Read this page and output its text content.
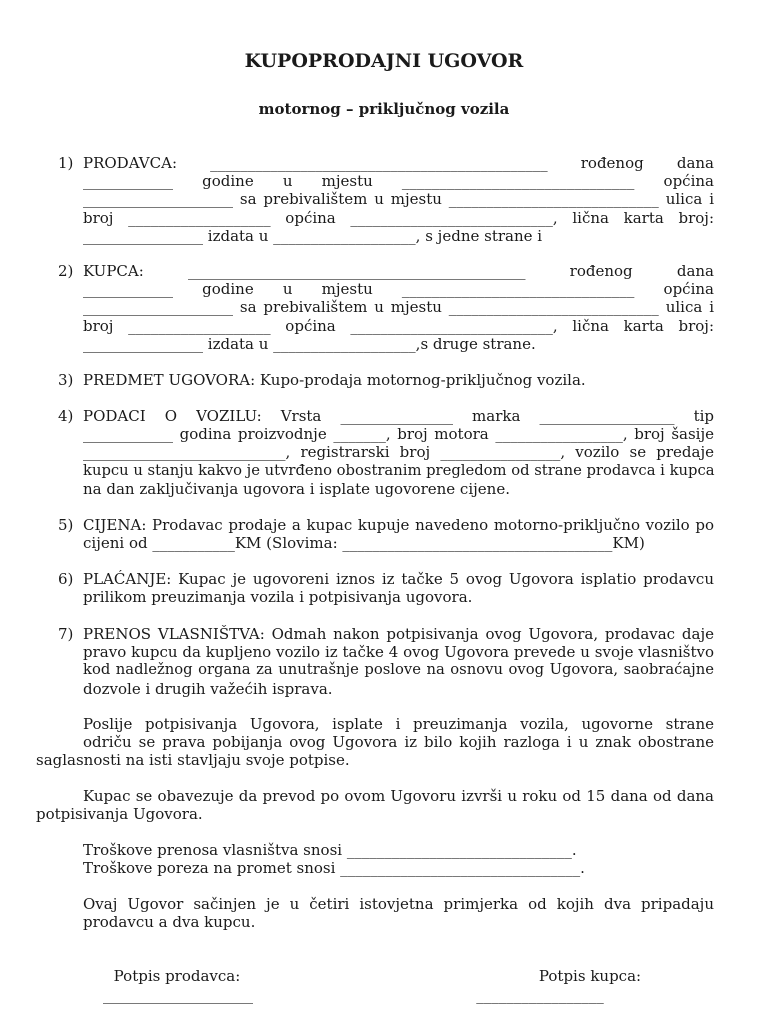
KUPOPRODAJNI UGOVOR
motornog – priključnog vozila
1) PRODAVCA: _____________________________________________ rođenog dana
____________ godine u mjestu _______________________________ općina
____________________ sa prebivalištem u mjestu ____________________________ ulica i
broj ___________________ općina ___________________________, lična karta broj:
________________ izdata u ___________________, s jedne strane i
2) KUPCA: _____________________________________________ rođenog dana
____________ godine u mjestu _______________________________ općina
____________________ sa prebivalištem u mjestu ____________________________ ulica i
broj ___________________ općina ___________________________, lična karta broj:
________________ izdata u ___________________,s druge strane.
3) PREDMET UGOVORA: Kupo-prodaja motornog-priključnog vozila.
4) PODACI O VOZILU: Vrsta _______________ marka __________________ tip
____________ godina proizvodnje _______, broj motora _________________, broj šasije
___________________________, registrarski broj ________________, vozilo se predaje
kupcu u stanju kakvo je utvrđeno obostranim pregledom od strane prodavca i kupca
na dan zaključivanja ugovora i isplate ugovorene cijene.
5) CIJENA: Prodavac prodaje a kupac kupuje navedeno motorno-priključno vozilo po
cijeni od ___________KM (Slovima: ____________________________________KM)
6) PLAĆANJE: Kupac je ugovoreni iznos iz tačke 5 ovog Ugovora isplatio prodavcu
prilikom preuzimanja vozila i potpisivanja ugovora.
7) PRENOS VLASNIŠTVA: Odmah nakon potpisivanja ovog Ugovora, prodavac daje
pravo kupcu da kupljeno vozilo iz tačke 4 ovog Ugovora prevede u svoje vlasništvo
kod nadležnog organa za unutrašnje poslove na osnovu ovog Ugovora, saobraćajne
dozvole i drugih važećih isprava.
Poslije potpisivanja Ugovora, isplate i preuzimanja vozila, ugovorne strane
odriču se prava pobijanja ovog Ugovora iz bilo kojih razloga i u znak obostrane
saglasnosti na isti stavljaju svoje potpise.
Kupac se obavezuje da prevod po ovom Ugovoru izvrši u roku od 15 dana od dana
potpisivanja Ugovora.
Troškove prenosa vlasništva snosi ______________________________.
Troškove poreza na promet snosi ________________________________.
Ovaj Ugovor sačinjen je u četiri istovjetna primjerka od kojih dva pripadaju
prodavcu a dva kupcu.
Potpis prodavca:
____________________
Potpis kupca:
_________________
